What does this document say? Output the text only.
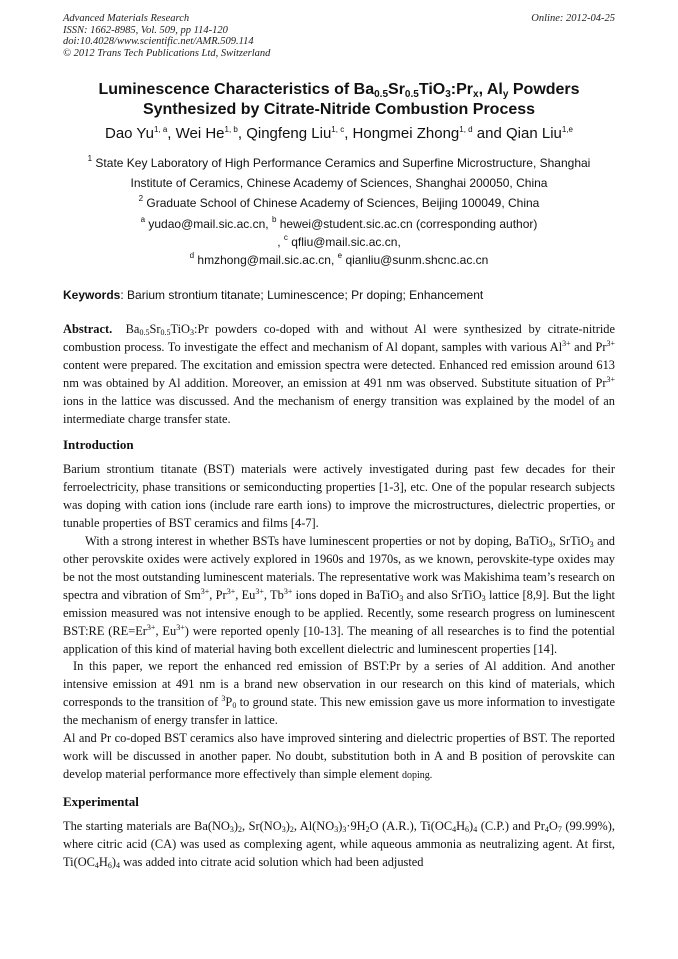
Advanced Materials Research
ISSN: 1662-8985, Vol. 509, pp 114-120
doi:10.4028/www.scientific.net/AMR.509.114
© 2012 Trans Tech Publications Ltd, Switzerland
Online: 2012-04-25
Luminescence Characteristics of $Ba_{0.5}Sr_{0.5}TiO_3:Pr_x$, $Al_y$ Powders
Synthesized by Citrate-Nitride Combustion Process
Dao Yu$^{1, a}$, Wei He$^{1, b}$, Qingfeng Liu$^{1, c}$, Hongmei Zhong$^{1, d}$ and Qian Liu$^{1,e}$
$^1$ State Key Laboratory of High Performance Ceramics and Superfine Microstructure, Shanghai
Institute of Ceramics, Chinese Academy of Sciences, Shanghai 200050, China
$^2$ Graduate School of Chinese Academy of Sciences, Beijing 100049, China
$^a$ yudao@mail.sic.ac.cn, $^b$ hewei@student.sic.ac.cn (corresponding author)
, $^c$ qfliu@mail.sic.ac.cn,
$^d$ hmzhong@mail.sic.ac.cn, $^e$ qianliu@sunm.shcnc.ac.cn
Keywords: Barium strontium titanate; Luminescence; Pr doping; Enhancement

Abstract. $Ba_{0.5}Sr_{0.5}TiO_3:Pr$ powders co-doped with and without Al were synthesized by citrate-nitride combustion process. To investigate the effect and mechanism of Al dopant, samples with various $Al^{3+}$ and $Pr^{3+}$ content were prepared. The excitation and emission spectra were detected. Enhanced red emission around 613 nm was obtained by Al addition. Moreover, an emission at 491 nm was observed. Substitute situation of $Pr^{3+}$ ions in the lattice was discussed. And the mechanism of energy transition was explained by the model of an intermediate charge transfer state.

Introduction

Barium strontium titanate (BST) materials were actively investigated during past few decades for their ferroelectricity, phase transitions or semiconducting properties [1-3], etc. One of the popular research subjects was doping with cation ions (include rare earth ions) to improve the microstructures, dielectric properties, or tunable properties of BST ceramics and films [4-7].

With a strong interest in whether BSTs have luminescent properties or not by doping, BaTiO$_3$, SrTiO$_3$ and other perovskite oxides were actively explored in 1960s and 1970s, as we known, perovskite-type oxides may be not the most outstanding luminescent materials. The representative work was Makishima team’s research on spectra and vibration of $Sm^{3+}$, $Pr^{3+}$, $Eu^{3+}$, $Tb^{3+}$ ions doped in BaTiO$_3$ and also SrTiO$_3$ lattice [8,9]. But the light emission measured was not intensive enough to be applied. Recently, some research progress on luminescent BST:RE ($RE=Er^{3+}$, $Eu^{3+}$) were reported openly [10-13]. The meaning of all researches is to find the potential application of this kind of material having both excellent dielectric and luminescent properties [14].

In this paper, we report the enhanced red emission of BST:Pr by a series of Al addition. And another intensive emission at 491 nm is a brand new observation in our research on this kind of materials, which corresponds to the transition of $^3P_0$ to ground state. This new emission gave us more information to investigate the mechanism of energy transfer in lattice.

Al and Pr co-doped BST ceramics also have improved sintering and dielectric properties of BST. The reported work will be discussed in another paper. No doubt, substitution both in A and B position of perovskite can develop material performance more effectively than simple element doping.

Experimental

The starting materials are $Ba(NO_3)_2$, $Sr(NO_3)_2$, $Al(NO_3)_3\cdot 9H_2O$ (A.R.), $Ti(OC_4H_6)_4$ (C.P.) and $Pr_4O_7$ (99.99%), where citric acid (CA) was used as complexing agent, while aqueous ammonia as neutralizing agent. At first, $Ti(OC_4H_6)_4$ was added into citrate acid solution which had been adjusted
